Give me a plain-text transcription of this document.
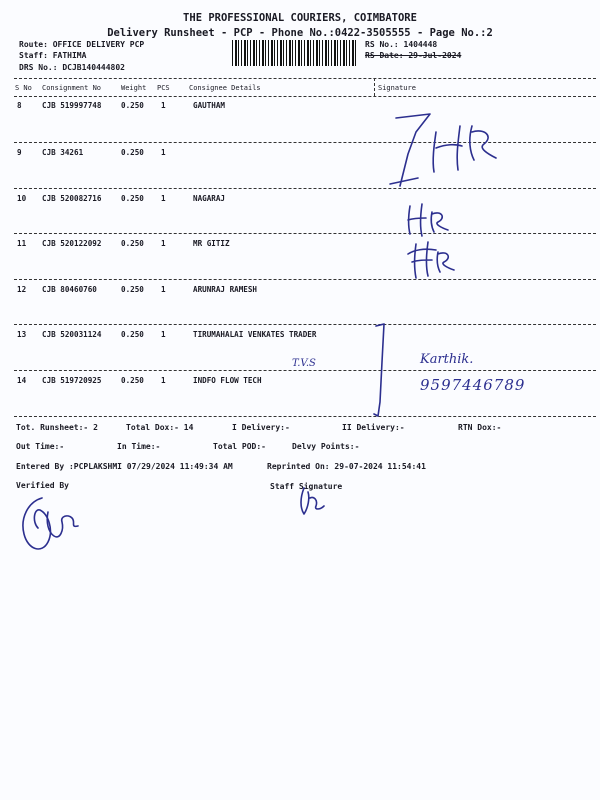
THE PROFESSIONAL COURIERS, COIMBATORE
Delivery Runsheet - PCP - Phone No.:0422-3505555 - Page No.:2
Route: OFFICE DELIVERY PCP
Staff: FATHIMA
DRS No.: DCJB140444802
RS No.: 1404448
RS Date: 29-Jul-2024
S No Consignment No	Weight PCS	Consignee Details	Signature
8	CJB 519997748	0.250 1	GAUTHAM
9	CJB 34261	0.250 1
10 CJB 520082716	0.250 1	NAGARAJ
11 CJB 520122092	0.250 1	MR GITIZ
12 CJB 80460760	0.250 1	ARUNRAJ RAMESH
13 CJB 520031124	0.250 1	TIRUMAHALAI VENKATES TRADER
14 CJB 519720925	0.250 1	INDFO FLOW TECH
T.V.S	Karthik.
9597446789
Tot. Runsheet:- 2	Total Dox:- 14	I Delivery:-	II Delivery:-	RTN Dox:-
Out Time:-	In Time:-	Total POD:-	Delvy Points:-
Entered By :PCPLAKSHMI 07/29/2024 11:49:34 AM	Reprinted On: 29-07-2024 11:54:41
Verified By	Staff Signature
